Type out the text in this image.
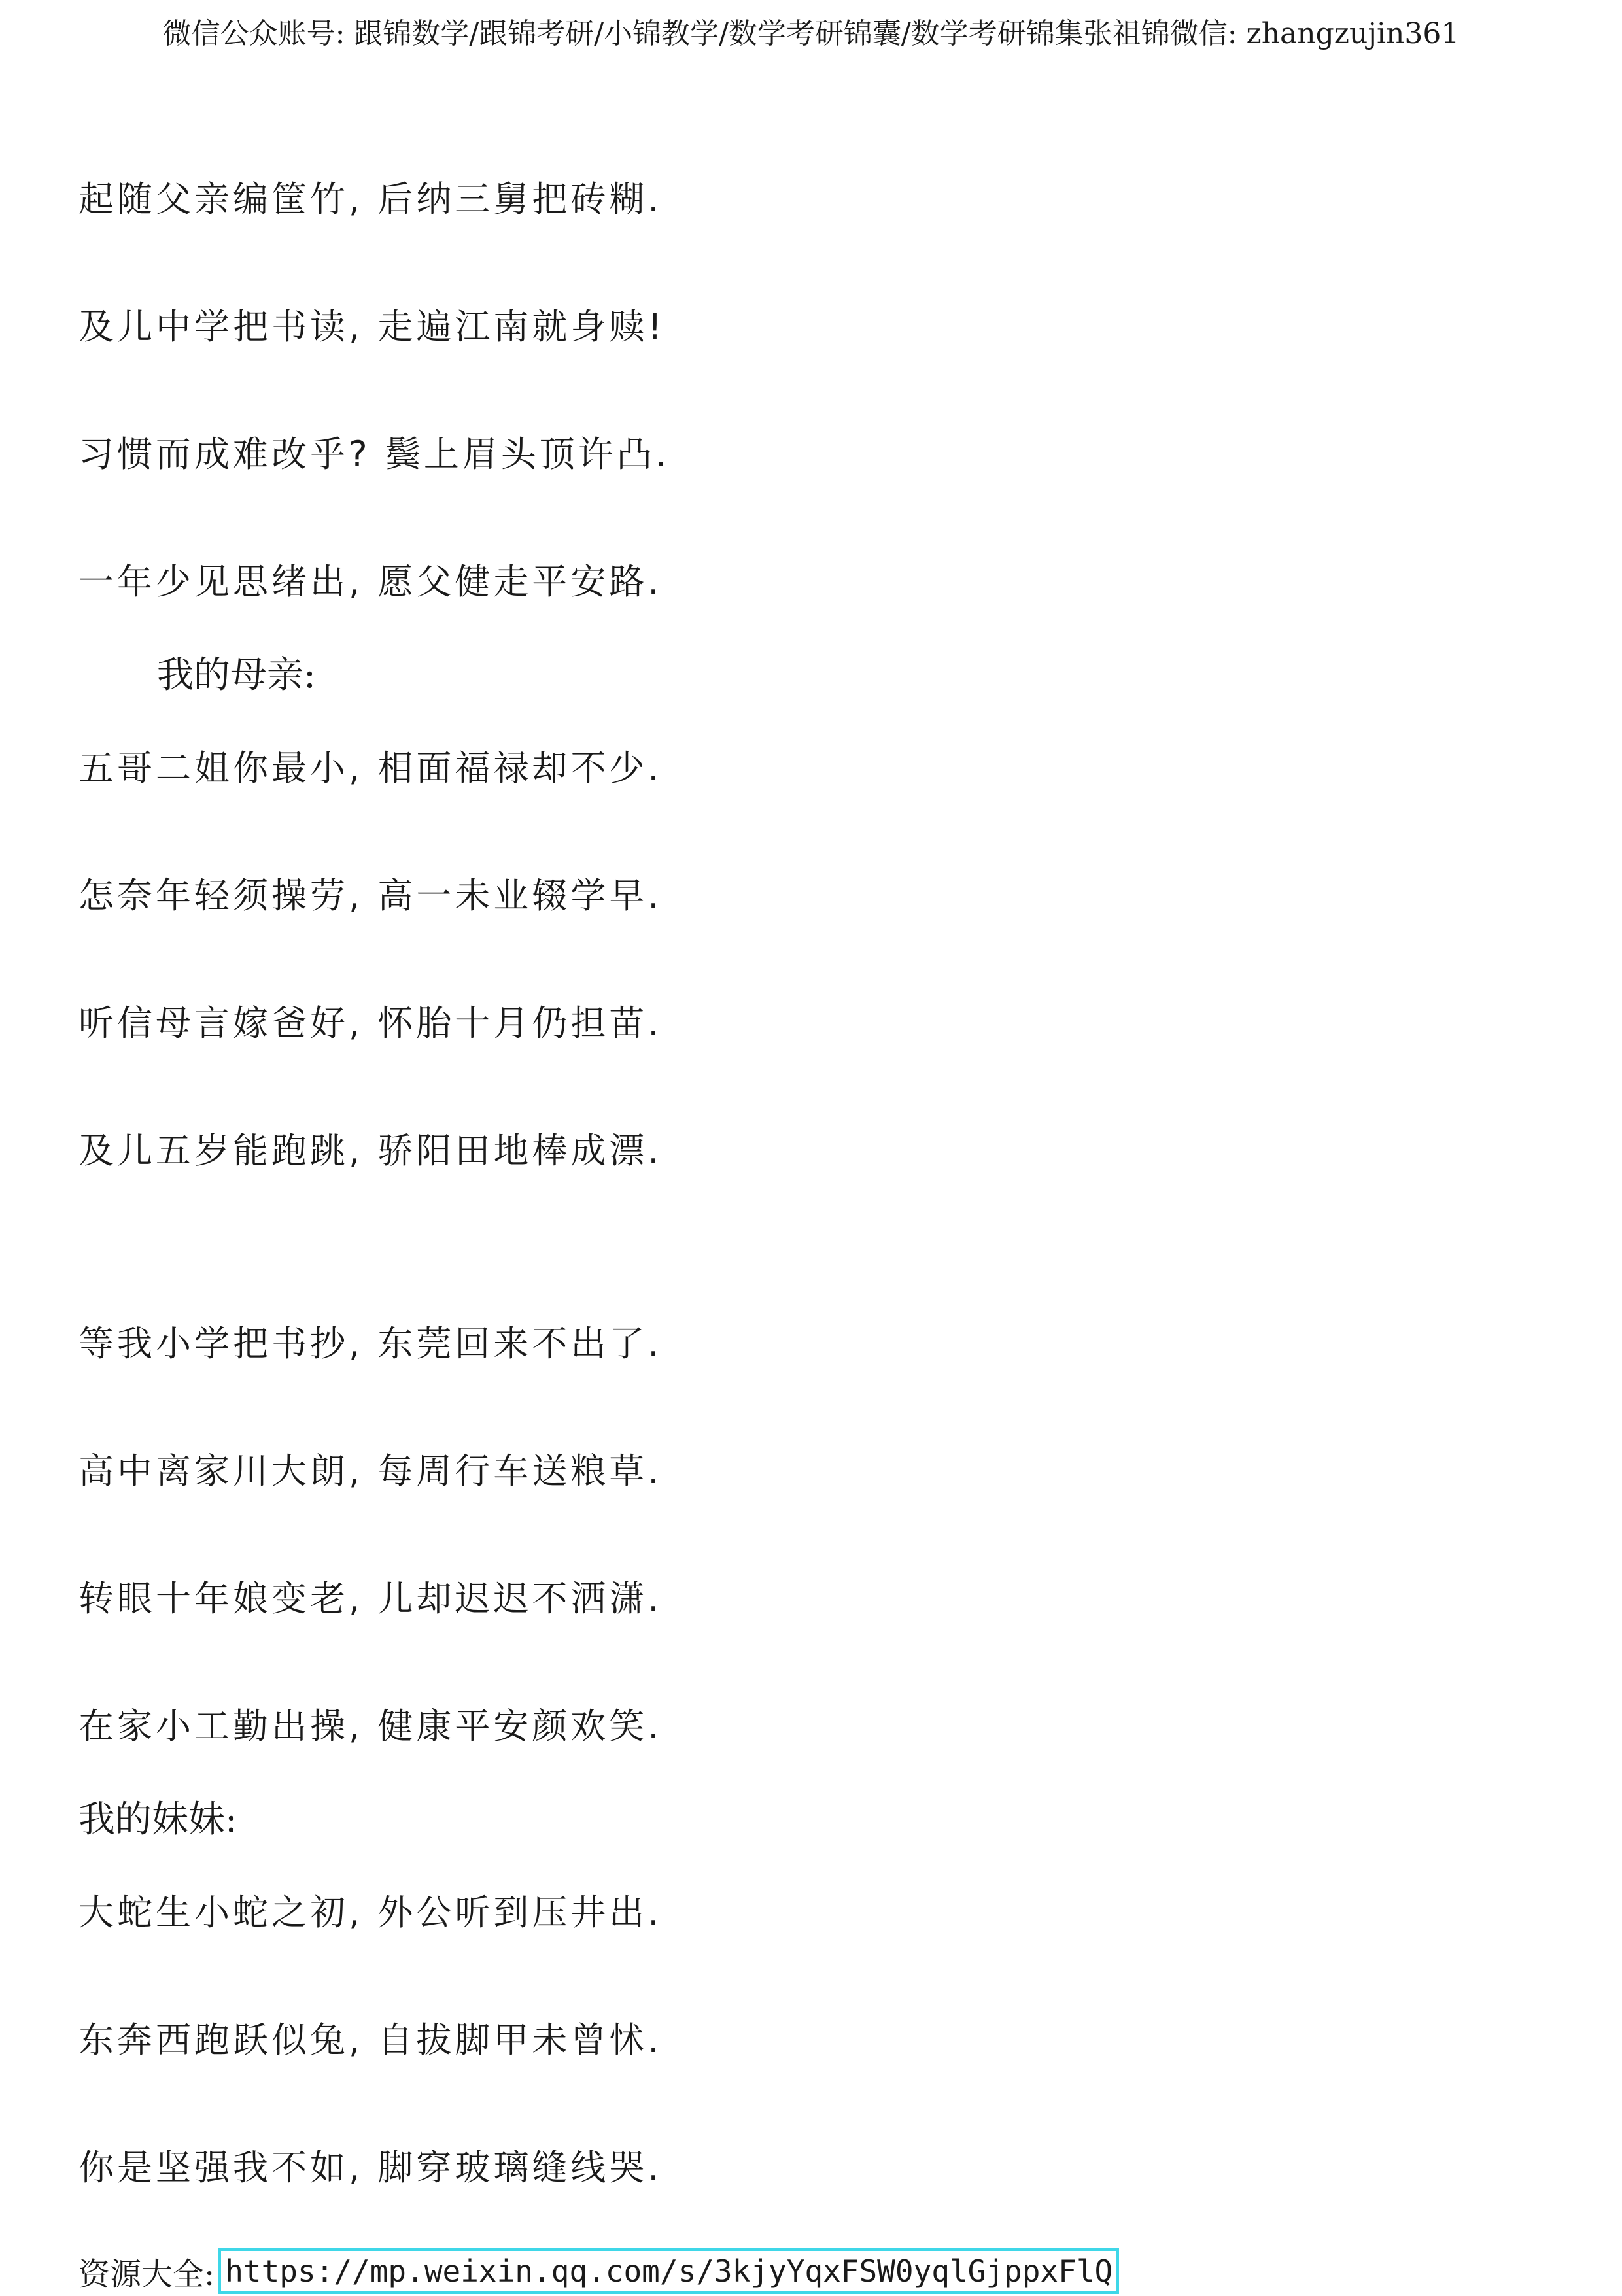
微信公众账号: 跟锦数学/跟锦考研/小锦教学/数学考研锦囊/数学考研锦集张祖锦微信: zhangzujin361
起随父亲编筐竹, 后纳三舅把砖糊.
及儿中学把书读, 走遍江南就身赎!
习惯而成难改乎? 鬓上眉头顶许凸.
一年少见思绪出, 愿父健走平安路.
我的母亲:
五哥二姐你最小, 相面福禄却不少.
怎奈年轻须操劳, 高一未业辍学早.
听信母言嫁爸好, 怀胎十月仍担苗.
及儿五岁能跑跳, 骄阳田地棒成漂.
等我小学把书抄, 东莞回来不出了.
高中离家川大朗, 每周行车送粮草.
转眼十年娘变老, 儿却迟迟不洒潇.
在家小工勤出操, 健康平安颜欢笑.
我的妹妹:
大蛇生小蛇之初, 外公听到压井出.
东奔西跑跃似兔, 自拔脚甲未曾怵.
你是坚强我不如, 脚穿玻璃缝线哭.
资源大全: https://mp.weixin.qq.com/s/3kjyYqxFSW0yqlGjppxFlQ
